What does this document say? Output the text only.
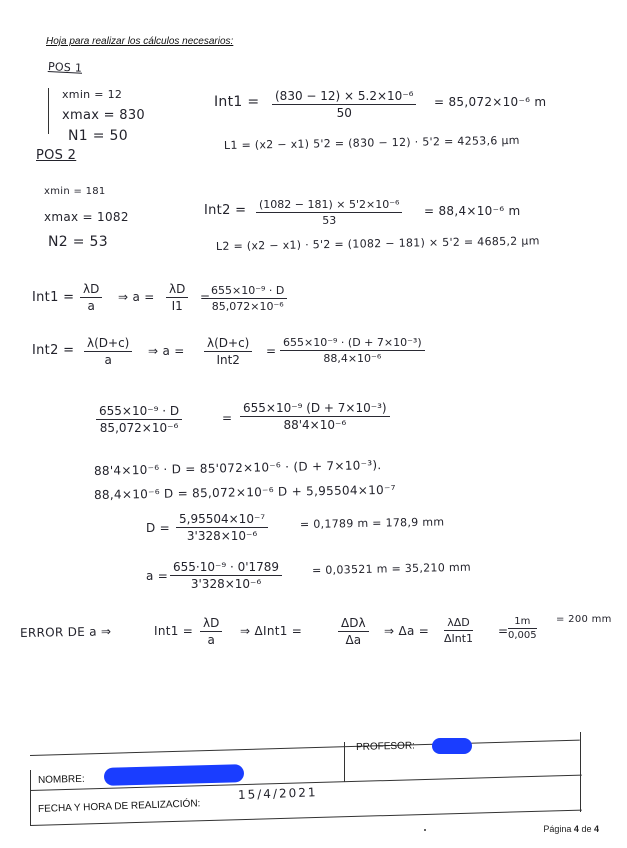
Hoja para realizar los cálculos necesarios:
POS 1
xmin = 12
xmax = 830
N1 = 50
$Int1 = \frac{\text{(830 − 12) × 5.2×10⁻⁶}}{50} = 85,072\times 10^{-6}$ m
L1 = (x2 − x1) 5'2 = (830 − 12) · 5'2 = 4253,6 µm
POS 2
xmin = 181
xmax = 1082
N2 = 53
$Int2 = \frac{\text{(1082 − 181) × 5'2×10⁻⁶}}{53} = 88,4\times 10^{-6}$ m
L2 = (x2 − x1) · 5'2 = (1082 − 181) × 5'2 = 4685,2 µm
$Int1 = \frac{\lambda D}{a}$ ⇒ $a = \frac{\lambda D}{I1}$ =
$\frac{\text{655×10⁻⁹ · D}}{\text{85,072×10⁻⁶}}$
$Int2 = \frac{\lambda(D+c)}{a}$ ⇒ a =
λ(D+c)
Int2
= $\frac{\text{655×10⁻⁹ · (D + 7×10⁻³)}}{\text{88,4×10⁻⁶}}$
$\frac{\text{655×10⁻⁹ · D}}{\text{85,072×10⁻⁶}}$	= $\frac{\text{655×10⁻⁹ (D + 7×10⁻³)}}{\text{88'4×10⁻⁶}}$
88'4×10⁻⁶ · D = 85'072×10⁻⁶ · (D + 7×10⁻³).
88,4×10⁻⁶ D = 85,072×10⁻⁶ D + 5,95504×10⁻⁷
$D = \frac{\text{5,95504×10⁻⁷}}{\text{3'328×10⁻⁶}}$	= 0,1789 m = 178,9 mm
$a = \frac{\text{655·10⁻⁹ · 0'1789}}{\text{3'328×10⁻⁶}}$	= 0,03521 m = 35,210 mm
ERROR DE a ⇒	$Int1 = \frac{\lambda D}{a}$ ⇒ ΔInt1 =
ΔDλ
Δa
⇒ Δa =
λΔD
ΔInt1
= $\frac{1m}{0,005} = 200$ mm
PROFESOR:
NOMBRE:
FECHA Y HORA DE REALIZACIÓN:
15/4/2021
Página 4 de 4
